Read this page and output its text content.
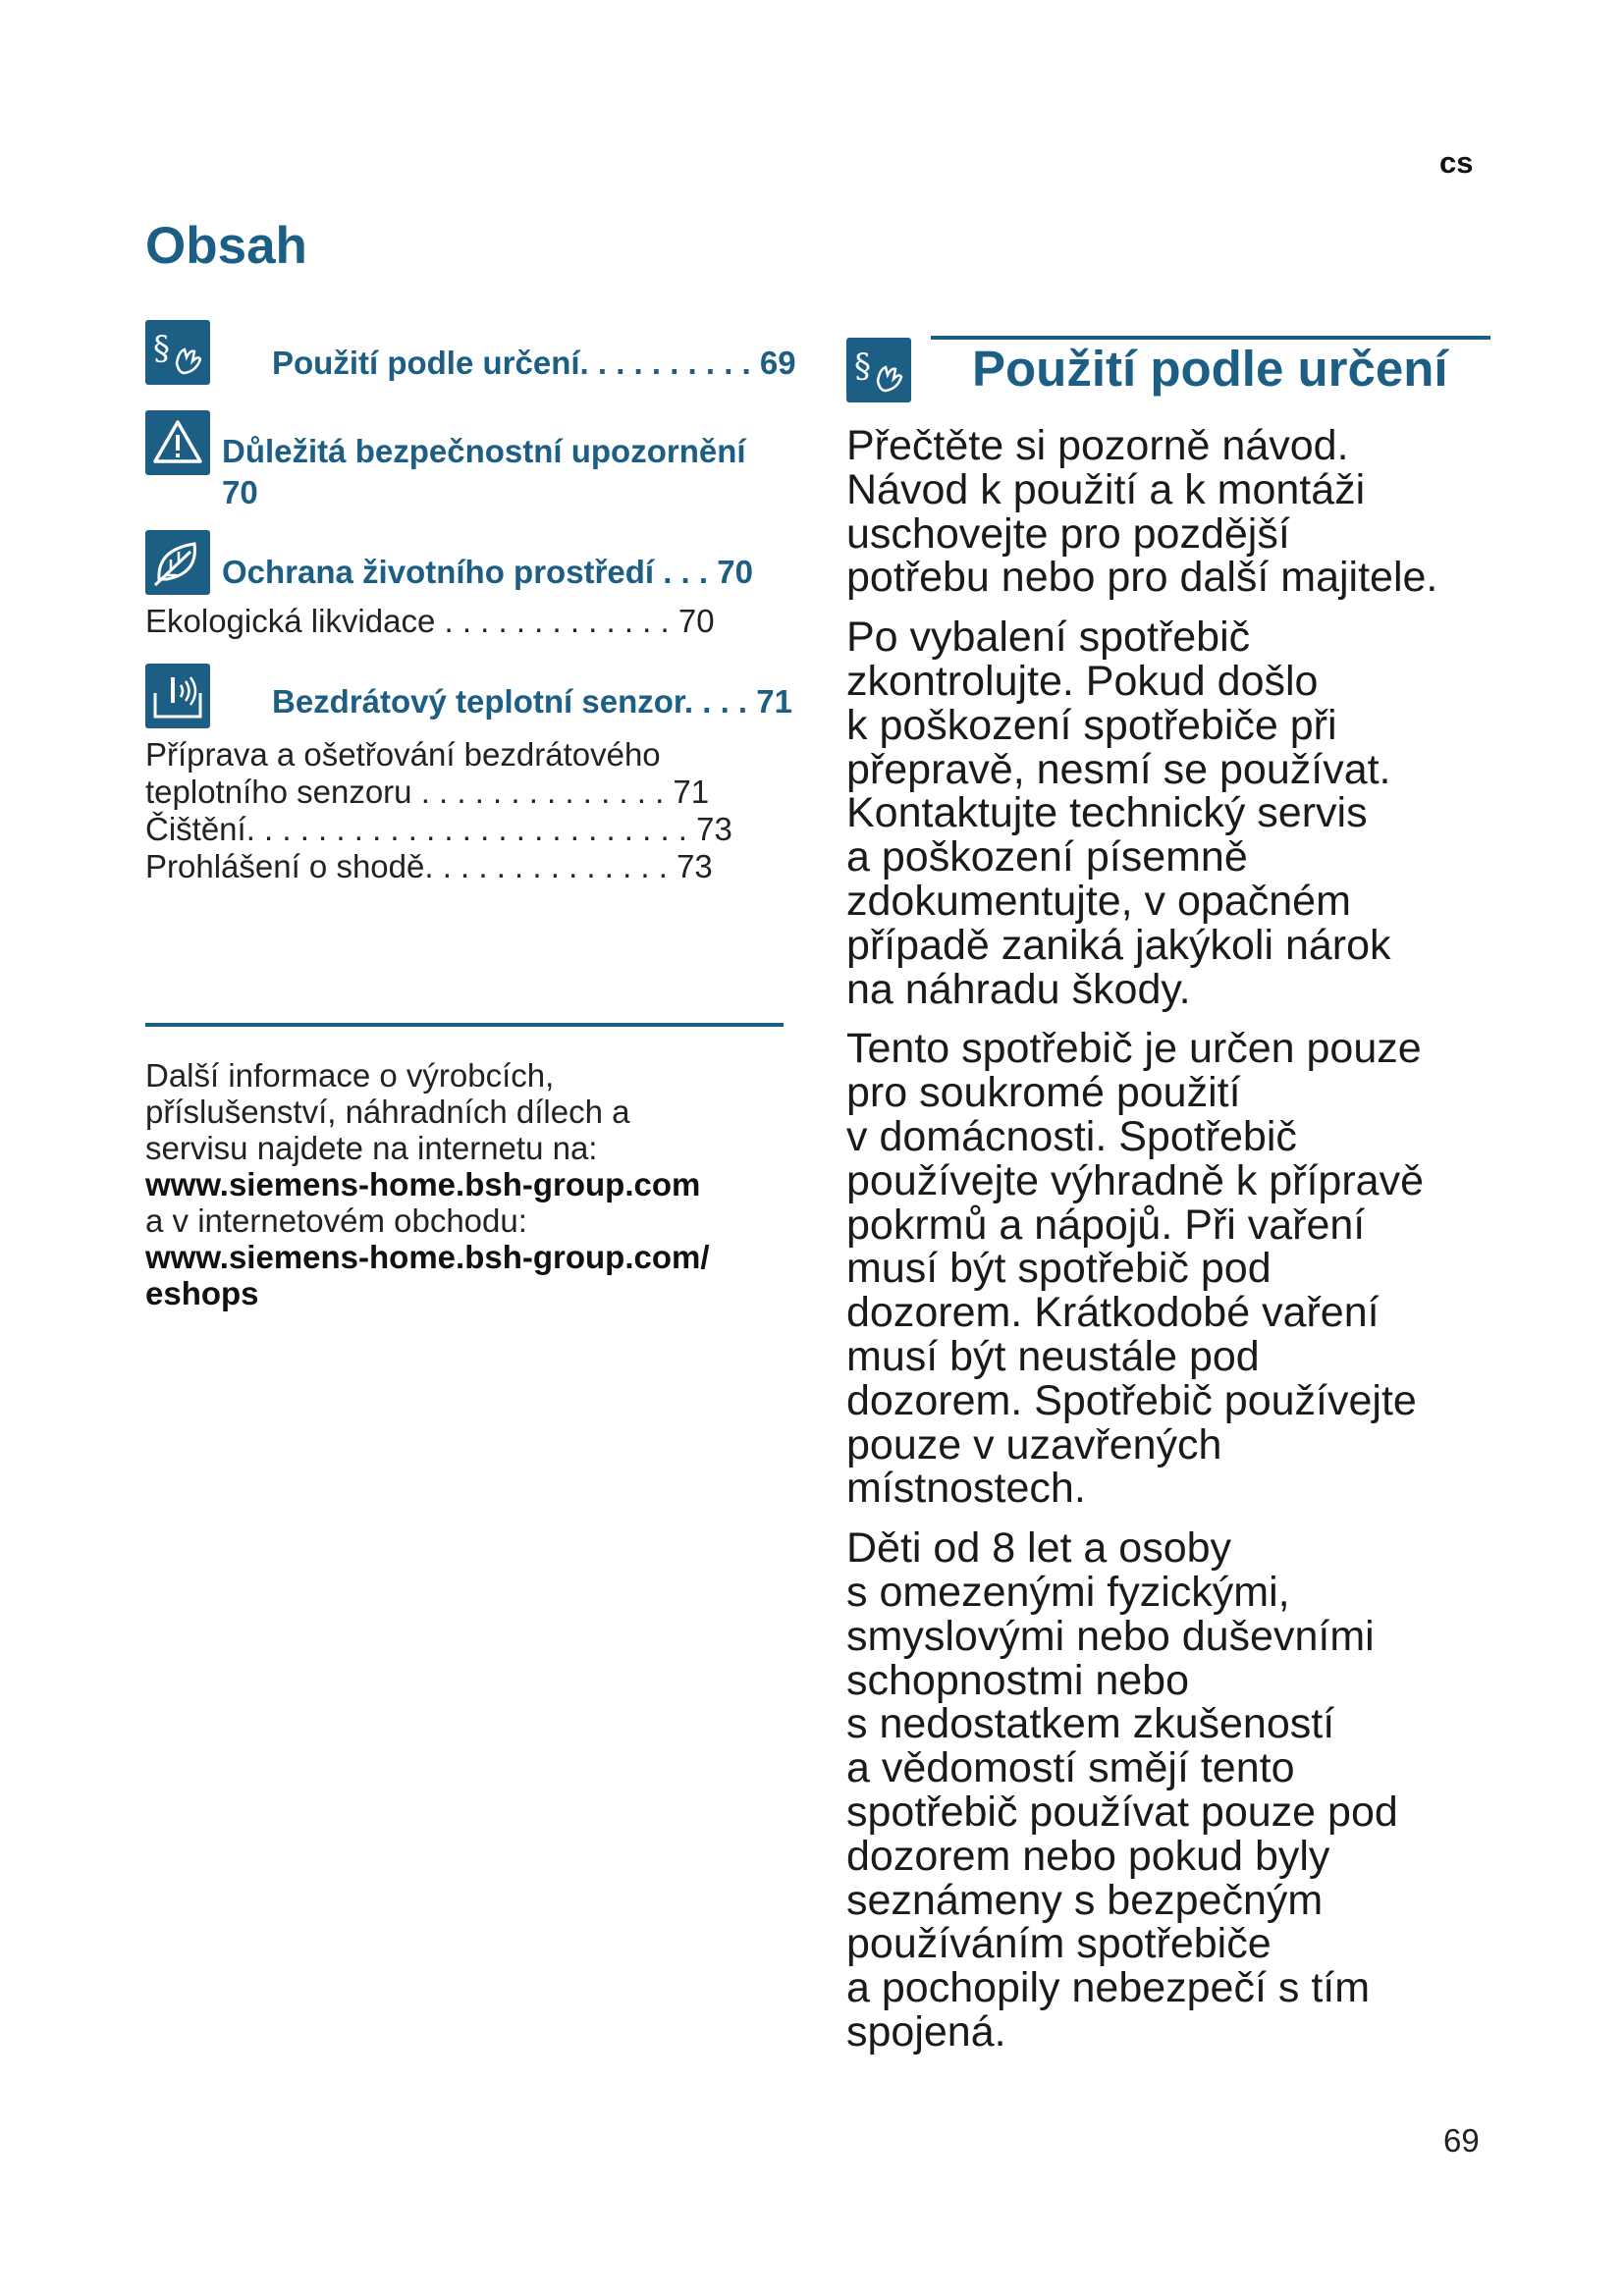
cs
Obsah
§	Použití podle určení. . . . . . . . . . 69
Důležitá bezpečnostní upozornění
70
Ochrana životního prostředí . . . 70
Ekologická likvidace . . . . . . . . . . . . . 70
Bezdrátový teplotní senzor. . . . 71
Příprava a ošetřování bezdrátového
teplotního senzoru . . . . . . . . . . . . . . 71
Čištění. . . . . . . . . . . . . . . . . . . . . . . . . 73
Prohlášení o shodě. . . . . . . . . . . . . . 73

Další informace o výrobcích,

příslušenství, náhradních dílech a

servisu najdete na internetu na:

www.siemens-home.bsh-group.com

a v internetovém obchodu:

www.siemens-home.bsh-group.com/

eshops

§ Použití podle určení

Přečtěte si pozorně návod.
Návod k použití a k montáži
uschovejte pro pozdější
potřebu nebo pro další majitele.

Po vybalení spotřebič
zkontrolujte. Pokud došlo
k poškození spotřebiče při
přepravě, nesmí se používat.
Kontaktujte technický servis
a poškození písemně
zdokumentujte, v opačném
případě zaniká jakýkoli nárok
na náhradu škody.

Tento spotřebič je určen pouze
pro soukromé použití
v domácnosti. Spotřebič
používejte výhradně k přípravě
pokrmů a nápojů. Při vaření
musí být spotřebič pod
dozorem. Krátkodobé vaření
musí být neustále pod
dozorem. Spotřebič používejte
pouze v uzavřených
místnostech.

Děti od 8 let a osoby
s omezenými fyzickými,
smyslovými nebo duševními
schopnostmi nebo
s nedostatkem zkušeností
a vědomostí smějí tento
spotřebič používat pouze pod
dozorem nebo pokud byly
seznámeny s bezpečným
používáním spotřebiče
a pochopily nebezpečí s tím
spojená.

69
